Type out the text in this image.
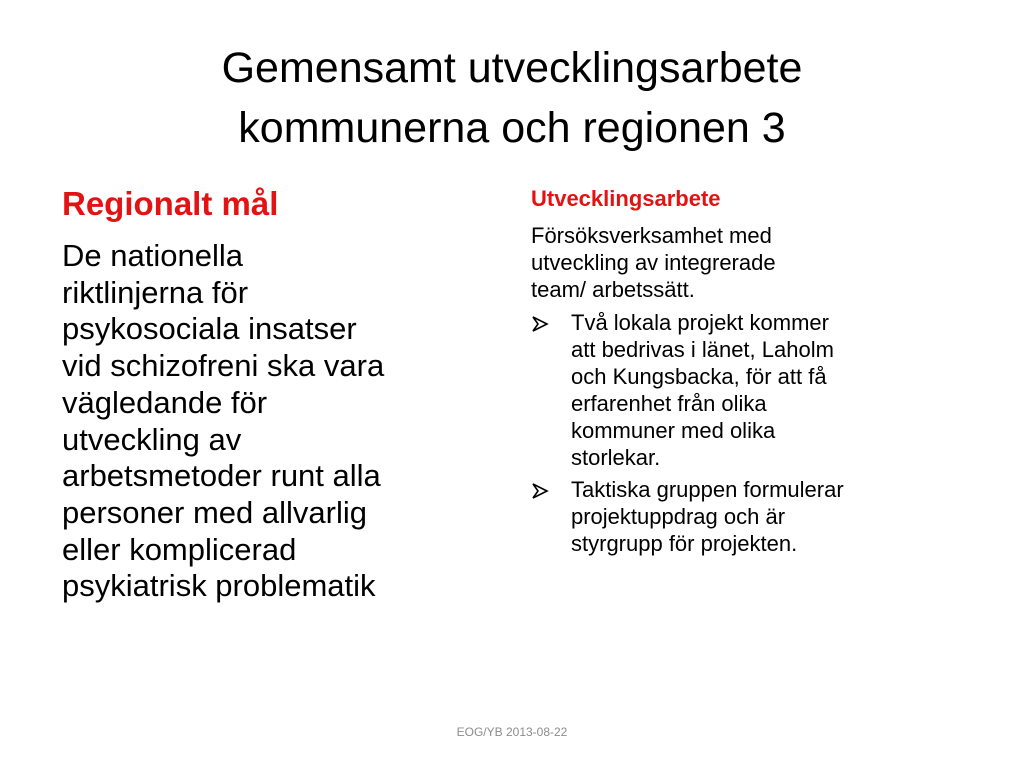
Gemensamt utvecklingsarbete
kommunerna och regionen 3
Regionalt mål

De nationella
riktlinjerna för
psykosociala insatser
vid schizofreni ska vara
vägledande för
utveckling av
arbetsmetoder runt alla
personer med allvarlig
eller komplicerad
psykiatrisk problematik

Utvecklingsarbete

Försöksverksamhet med
utveckling av integrerade
team/ arbetssätt.

Två lokala projekt kommer
att bedrivas i länet, Laholm
och Kungsbacka, för att få
erfarenhet från olika
kommuner med olika
storlekar.
Taktiska gruppen formulerar
projektuppdrag och är
styrgrupp för projekten.
EOG/YB 2013-08-22
